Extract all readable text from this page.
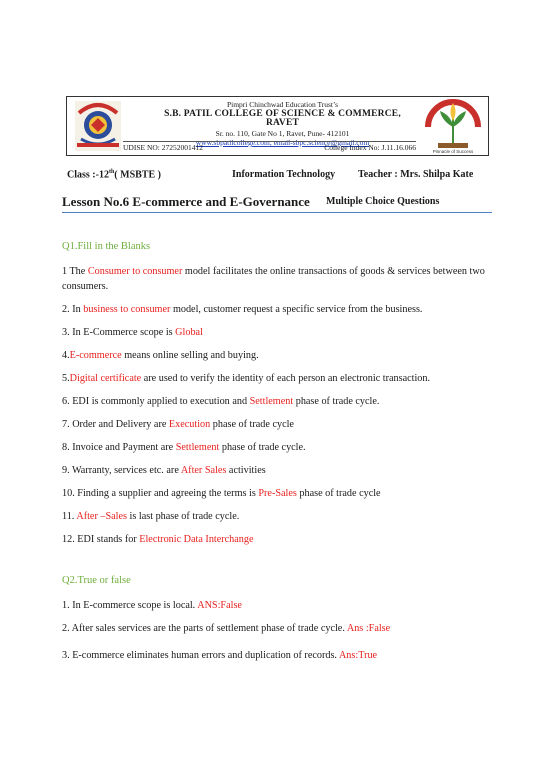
Pimpri Chinchwad Education Trust’s
S.B. PATIL COLLEGE OF SCIENCE & COMMERCE, RAVET
Sr. no. 110, Gate No 1, Ravet, Pune- 412101
www.sbpatilcollege.com, email-sbpc.science@gmail.com
UDISE NO: 27252001412	College Index No: J.11.16.066	Pinnacle of Success
Class :-12th( MSBTE )	Information Technology Teacher : Mrs. Shilpa Kate
Lesson No.6 E-commerce and E-Governance Multiple Choice Questions
Q1.Fill in the Blanks
1 The Consumer to consumer model facilitates the online transactions of goods & services between two consumers.
2. In business to consumer model, customer request a specific service from the business.
3. In E-Commerce scope is Global
4.E-commerce means online selling and buying.
5.Digital certificate are used to verify the identity of each person an electronic transaction.
6. EDI is commonly applied to execution and Settlement phase of trade cycle.
7. Order and Delivery are Execution phase of trade cycle
8. Invoice and Payment are Settlement phase of trade cycle.
9. Warranty, services etc. are After Sales activities
10. Finding a supplier and agreeing the terms is Pre-Sales phase of trade cycle
11. After –Sales is last phase of trade cycle.
12. EDI stands for Electronic Data Interchange
Q2.True or false
1. In E-commerce scope is local. ANS:False
2. After sales services are the parts of settlement phase of trade cycle. Ans :False
3. E-commerce eliminates human errors and duplication of records. Ans:True
